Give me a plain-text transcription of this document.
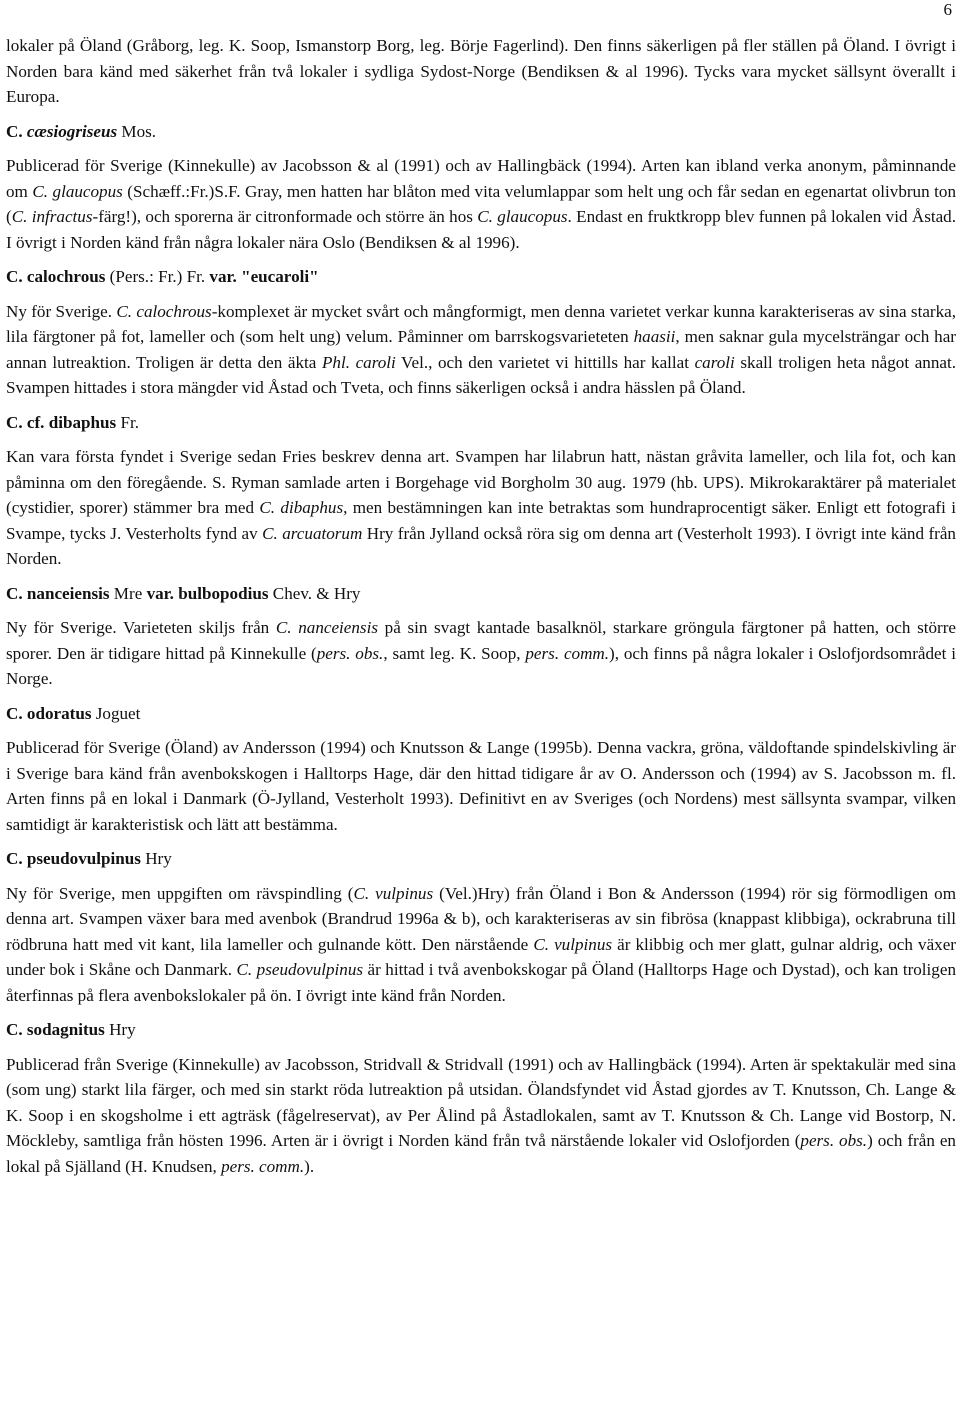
6

lokaler på Öland (Gråborg, leg. K. Soop, Ismanstorp Borg, leg. Börje Fagerlind). Den finns säkerligen på fler ställen på Öland. I övrigt i Norden bara känd med säkerhet från två lokaler i sydliga Sydost-Norge (Bendiksen & al 1996). Tycks vara mycket sällsynt överallt i Europa.

C. cæsiogriseus Mos.

Publicerad för Sverige (Kinnekulle) av Jacobsson & al (1991) och av Hallingbäck (1994). Arten kan ibland verka anonym, påminnande om C. glaucopus (Schæff.:Fr.)S.F. Gray, men hatten har blåton med vita velumlappar som helt ung och får sedan en egenartat olivbrun ton (C. infractus-färg!), och sporerna är citronformade och större än hos C. glaucopus. Endast en fruktkropp blev funnen på lokalen vid Åstad. I övrigt i Norden känd från några lokaler nära Oslo (Bendiksen & al 1996).

C. calochrous (Pers.: Fr.) Fr. var. "eucaroli"

Ny för Sverige. C. calochrous-komplexet är mycket svårt och mångformigt, men denna varietet verkar kunna karakteriseras av sina starka, lila färgtoner på fot, lameller och (som helt ung) velum. Påminner om barrskogsvarieteten haasii, men saknar gula mycelsträngar och har annan lutreaktion. Troligen är detta den äkta Phl. caroli Vel., och den varietet vi hittills har kallat caroli skall troligen heta något annat. Svampen hittades i stora mängder vid Åstad och Tveta, och finns säkerligen också i andra hässlen på Öland.

C. cf. dibaphus Fr.

Kan vara första fyndet i Sverige sedan Fries beskrev denna art. Svampen har lilabrun hatt, nästan gråvita lameller, och lila fot, och kan påminna om den föregående. S. Ryman samlade arten i Borgehage vid Borgholm 30 aug. 1979 (hb. UPS). Mikrokaraktärer på materialet (cystidier, sporer) stämmer bra med C. dibaphus, men bestämningen kan inte betraktas som hundraprocentigt säker. Enligt ett fotografi i Svampe, tycks J. Vesterholts fynd av C. arcuatorum Hry från Jylland också röra sig om denna art (Vesterholt 1993). I övrigt inte känd från Norden.

C. nanceiensis Mre var. bulbopodius Chev. & Hry

Ny för Sverige. Varieteten skiljs från C. nanceiensis på sin svagt kantade basalknöl, starkare gröngula färgtoner på hatten, och större sporer. Den är tidigare hittad på Kinnekulle (pers. obs., samt leg. K. Soop, pers. comm.), och finns på några lokaler i Oslofjordsområdet i Norge.

C. odoratus Joguet

Publicerad för Sverige (Öland) av Andersson (1994) och Knutsson & Lange (1995b). Denna vackra, gröna, väldoftande spindelskivling är i Sverige bara känd från avenbokskogen i Halltorps Hage, där den hittad tidigare år av O. Andersson och (1994) av S. Jacobsson m. fl. Arten finns på en lokal i Danmark (Ö-Jylland, Vesterholt 1993). Definitivt en av Sveriges (och Nordens) mest sällsynta svampar, vilken samtidigt är karakteristisk och lätt att bestämma.

C. pseudovulpinus Hry

Ny för Sverige, men uppgiften om rävspindling (C. vulpinus (Vel.)Hry) från Öland i Bon & Andersson (1994) rör sig förmodligen om denna art. Svampen växer bara med avenbok (Brandrud 1996a & b), och karakteriseras av sin fibrösa (knappast klibbiga), ockrabruna till rödbruna hatt med vit kant, lila lameller och gulnande kött. Den närstående C. vulpinus är klibbig och mer glatt, gulnar aldrig, och växer under bok i Skåne och Danmark. C. pseudovulpinus är hittad i två avenbokskogar på Öland (Halltorps Hage och Dystad), och kan troligen återfinnas på flera avenbokslokaler på ön. I övrigt inte känd från Norden.

C. sodagnitus Hry

Publicerad från Sverige (Kinnekulle) av Jacobsson, Stridvall & Stridvall (1991) och av Hallingbäck (1994). Arten är spektakulär med sina (som ung) starkt lila färger, och med sin starkt röda lutreaktion på utsidan. Ölandsfyndet vid Åstad gjordes av T. Knutsson, Ch. Lange & K. Soop i en skogsholme i ett agträsk (fågelreservat), av Per Ålind på Åstadlokalen, samt av T. Knutsson & Ch. Lange vid Bostorp, N. Möckleby, samtliga från hösten 1996. Arten är i övrigt i Norden känd från två närstående lokaler vid Oslofjorden (pers. obs.) och från en lokal på Själland (H. Knudsen, pers. comm.).
